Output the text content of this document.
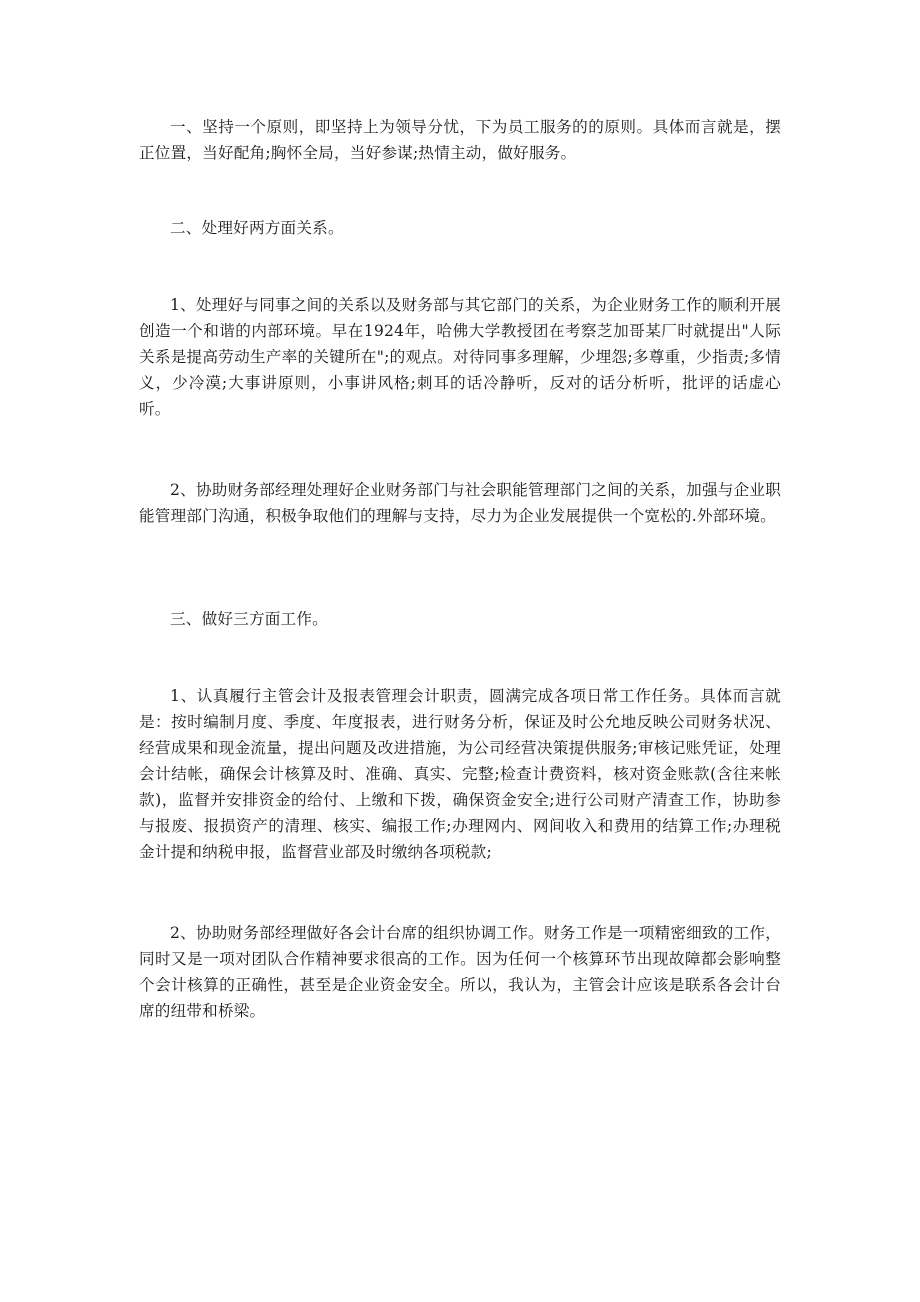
一、坚持一个原则，即坚持上为领导分忧，下为员工服务的的原则。具体而言就是，摆正位置，当好配角;胸怀全局，当好参谋;热情主动，做好服务。

二、处理好两方面关系。

1、处理好与同事之间的关系以及财务部与其它部门的关系，为企业财务工作的顺利开展创造一个和谐的内部环境。早在1924年，哈佛大学教授团在考察芝加哥某厂时就提出"人际关系是提高劳动生产率的关键所在";的观点。对待同事多理解，少埋怨;多尊重，少指责;多情义，少冷漠;大事讲原则，小事讲风格;刺耳的话冷静听，反对的话分析听，批评的话虚心听。

2、协助财务部经理处理好企业财务部门与社会职能管理部门之间的关系，加强与企业职能管理部门沟通，积极争取他们的理解与支持，尽力为企业发展提供一个宽松的.外部环境。

三、做好三方面工作。

1、认真履行主管会计及报表管理会计职责，圆满完成各项日常工作任务。具体而言就是：按时编制月度、季度、年度报表，进行财务分析，保证及时公允地反映公司财务状况、经营成果和现金流量，提出问题及改进措施，为公司经营决策提供服务;审核记账凭证，处理会计结帐，确保会计核算及时、准确、真实、完整;检查计费资料，核对资金账款(含往来帐款)，监督并安排资金的给付、上缴和下拨，确保资金安全;进行公司财产清查工作，协助参与报废、报损资产的清理、核实、编报工作;办理网内、网间收入和费用的结算工作;办理税金计提和纳税申报，监督营业部及时缴纳各项税款;

2、协助财务部经理做好各会计台席的组织协调工作。财务工作是一项精密细致的工作，同时又是一项对团队合作精神要求很高的工作。因为任何一个核算环节出现故障都会影响整个会计核算的正确性，甚至是企业资金安全。所以，我认为，主管会计应该是联系各会计台席的纽带和桥梁。
